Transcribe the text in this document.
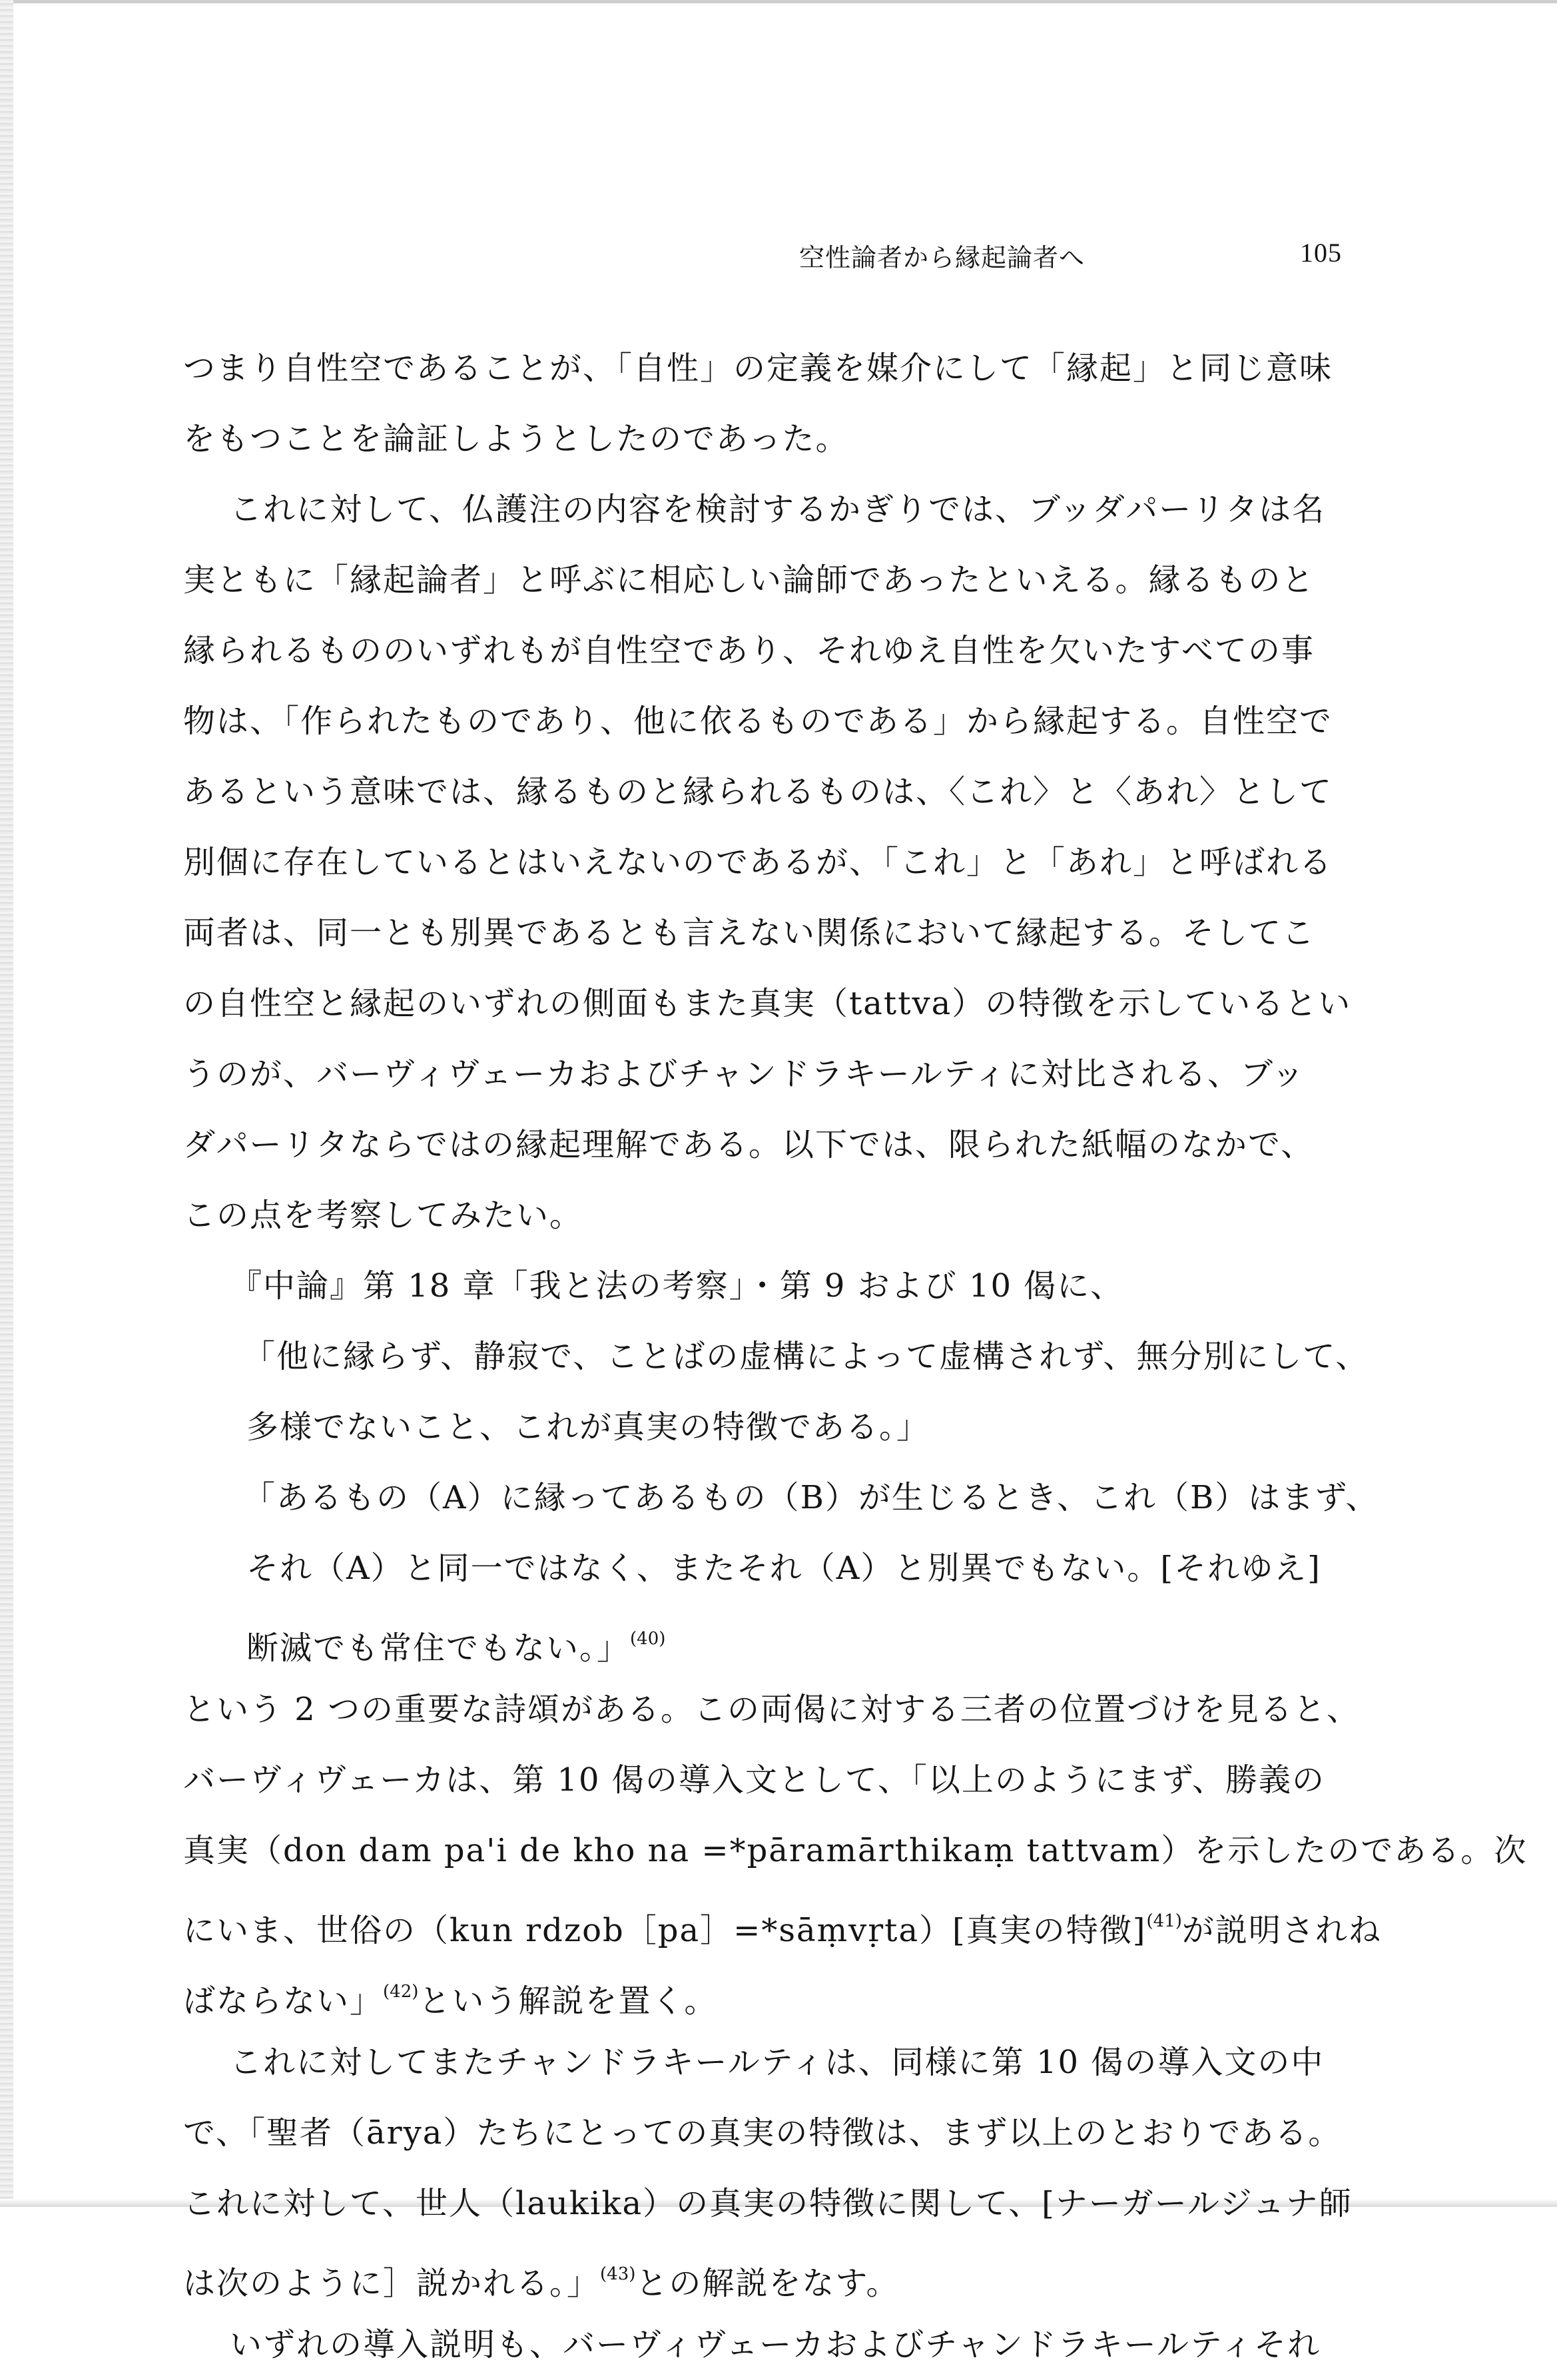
空性論者から縁起論者へ	105
つまり自性空であることが、「自性」の定義を媒介にして「縁起」と同じ意味
をもつことを論証しようとしたのであった。
これに対して、仏護注の内容を検討するかぎりでは、ブッダパーリタは名
実ともに「縁起論者」と呼ぶに相応しい論師であったといえる。縁るものと
縁られるもののいずれもが自性空であり、それゆえ自性を欠いたすべての事
物は、「作られたものであり、他に依るものである」から縁起する。自性空で
あるという意味では、縁るものと縁られるものは、〈これ〉と〈あれ〉として
別個に存在しているとはいえないのであるが、「これ」と「あれ」と呼ばれる
両者は、同一とも別異であるとも言えない関係において縁起する。そしてこ
の自性空と縁起のいずれの側面もまた真実（tattva）の特徴を示しているとい
うのが、バーヴィヴェーカおよびチャンドラキールティに対比される、ブッ
ダパーリタならではの縁起理解である。以下では、限られた紙幅のなかで、
この点を考察してみたい。
『中論』第 18 章「我と法の考察」・第 9 および 10 偈に、
「他に縁らず、静寂で、ことばの虚構によって虚構されず、無分別にして、
多様でないこと、これが真実の特徴である。」
「あるもの（A）に縁ってあるもの（B）が生じるとき、これ（B）はまず、
それ（A）と同一ではなく、またそれ（A）と別異でもない。[それゆえ]
断滅でも常住でもない。」$^{(40)}$
という 2 つの重要な詩頌がある。この両偈に対する三者の位置づけを見ると、
バーヴィヴェーカは、第 10 偈の導入文として、「以上のようにまず、勝義の
真実（don dam pa'i de kho na =*pāramārthikaṃ tattvam）を示したのである。次
にいま、世俗の（kun rdzob［pa］=*sāṃvṛta）[真実の特徴]$^{(41)}$が説明されね
ばならない」$^{(42)}$という解説を置く。
これに対してまたチャンドラキールティは、同様に第 10 偈の導入文の中
で、「聖者（ārya）たちにとっての真実の特徴は、まず以上のとおりである。
これに対して、世人（laukika）の真実の特徴に関して、[ナーガールジュナ師
は次のように］説かれる。」$^{(43)}$との解説をなす。
いずれの導入説明も、バーヴィヴェーカおよびチャンドラキールティそれ
